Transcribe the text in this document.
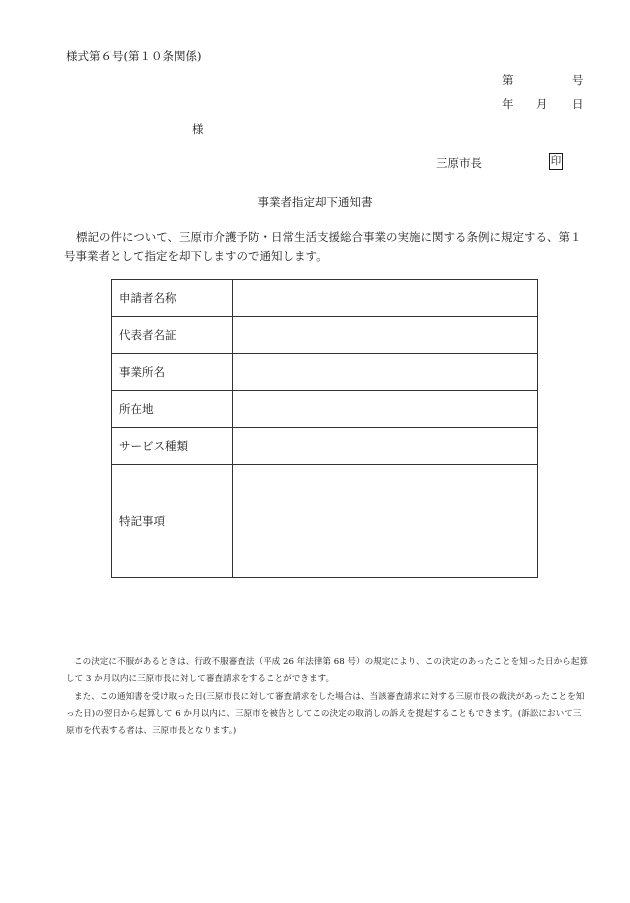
様式第６号(第１０条関係)
第	号
年 月 日
様
三原市長	印
事業者指定却下通知書
標記の件について、三原市介護予防・日常生活支援総合事業の実施に関する条例に規定する、第１号事業者として指定を却下しますので通知します。
申請者名称	
代表者名証	
事業所名	
所在地	
サービス種類	
特記事項	
この決定に不服があるときは、行政不服審査法（平成 26 年法律第 68 号）の規定により、この決定のあったことを知った日から起算して 3 か月以内に三原市長に対して審査請求をすることができます。
また、この通知書を受け取った日(三原市長に対して審査請求をした場合は、当該審査請求に対する三原市長の裁決があったことを知った日)の翌日から起算して 6 か月以内に、三原市を被告としてこの決定の取消しの訴えを提起することもできます。(訴訟において三原市を代表する者は、三原市長となります。)
